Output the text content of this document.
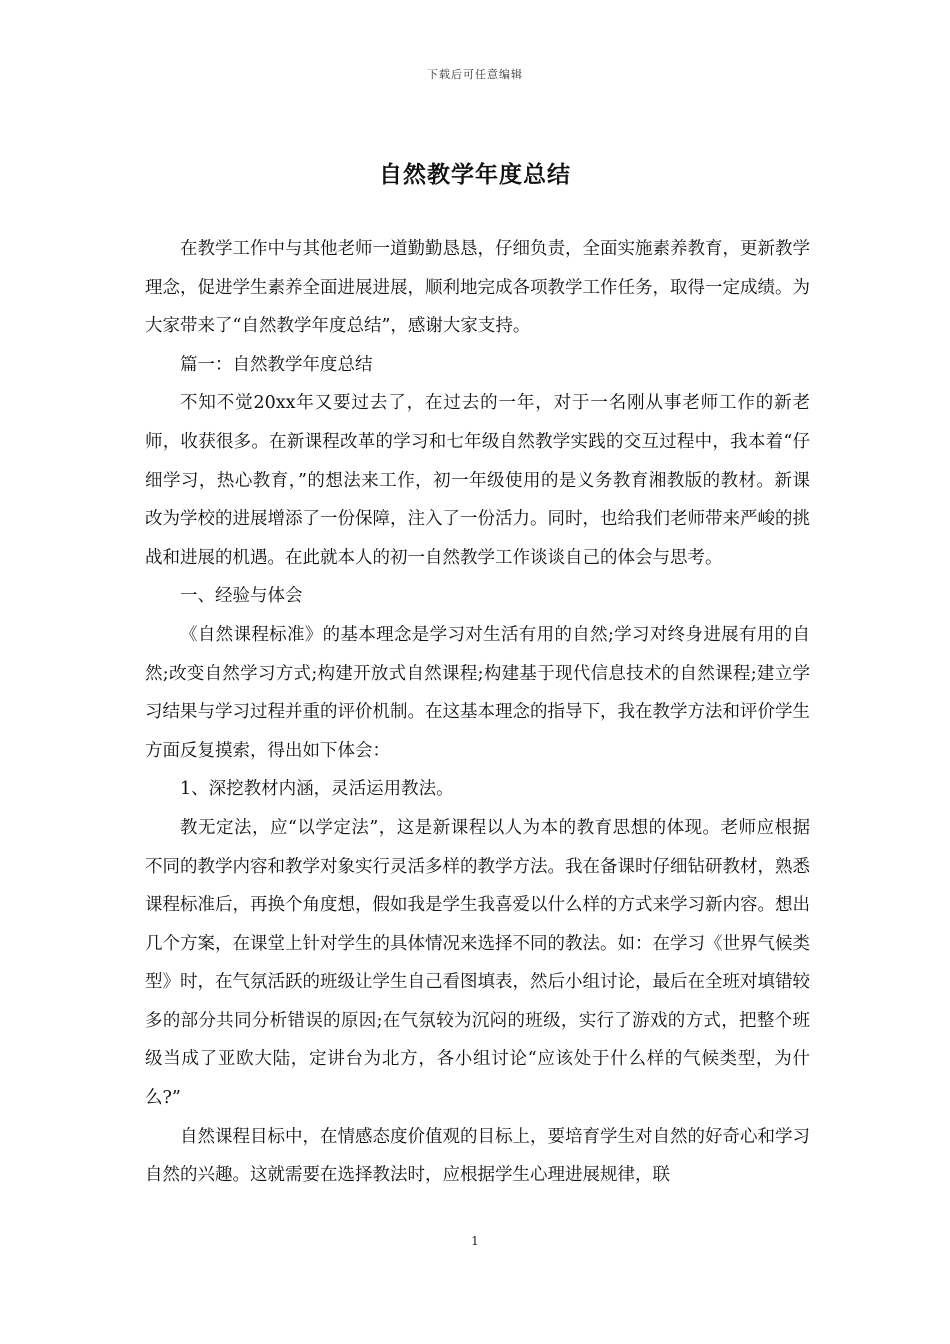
下载后可任意编辑
自然教学年度总结

在教学工作中与其他老师一道勤勤恳恳，仔细负责，全面实施素养教育，更新教学理念，促进学生素养全面进展进展，顺利地完成各项教学工作任务，取得一定成绩。为大家带来了“自然教学年度总结”，感谢大家支持。

篇一：自然教学年度总结

不知不觉20xx年又要过去了，在过去的一年，对于一名刚从事老师工作的新老师，收获很多。在新课程改革的学习和七年级自然教学实践的交互过程中，我本着“仔细学习，热心教育，”的想法来工作，初一年级使用的是义务教育湘教版的教材。新课改为学校的进展增添了一份保障，注入了一份活力。同时，也给我们老师带来严峻的挑战和进展的机遇。在此就本人的初一自然教学工作谈谈自己的体会与思考。

一、经验与体会

《自然课程标准》的基本理念是学习对生活有用的自然;学习对终身进展有用的自然;改变自然学习方式;构建开放式自然课程;构建基于现代信息技术的自然课程;建立学习结果与学习过程并重的评价机制。在这基本理念的指导下，我在教学方法和评价学生方面反复摸索，得出如下体会：

1、深挖教材内涵，灵活运用教法。

教无定法，应“以学定法”，这是新课程以人为本的教育思想的体现。老师应根据不同的教学内容和教学对象实行灵活多样的教学方法。我在备课时仔细钻研教材，熟悉课程标准后，再换个角度想，假如我是学生我喜爱以什么样的方式来学习新内容。想出几个方案，在课堂上针对学生的具体情况来选择不同的教法。如：在学习《世界气候类型》时，在气氛活跃的班级让学生自己看图填表，然后小组讨论，最后在全班对填错较多的部分共同分析错误的原因;在气氛较为沉闷的班级，实行了游戏的方式，把整个班级当成了亚欧大陆，定讲台为北方，各小组讨论“应该处于什么样的气候类型，为什么?”

自然课程目标中，在情感态度价值观的目标上，要培育学生对自然的好奇心和学习自然的兴趣。这就需要在选择教法时，应根据学生心理进展规律，联

1
